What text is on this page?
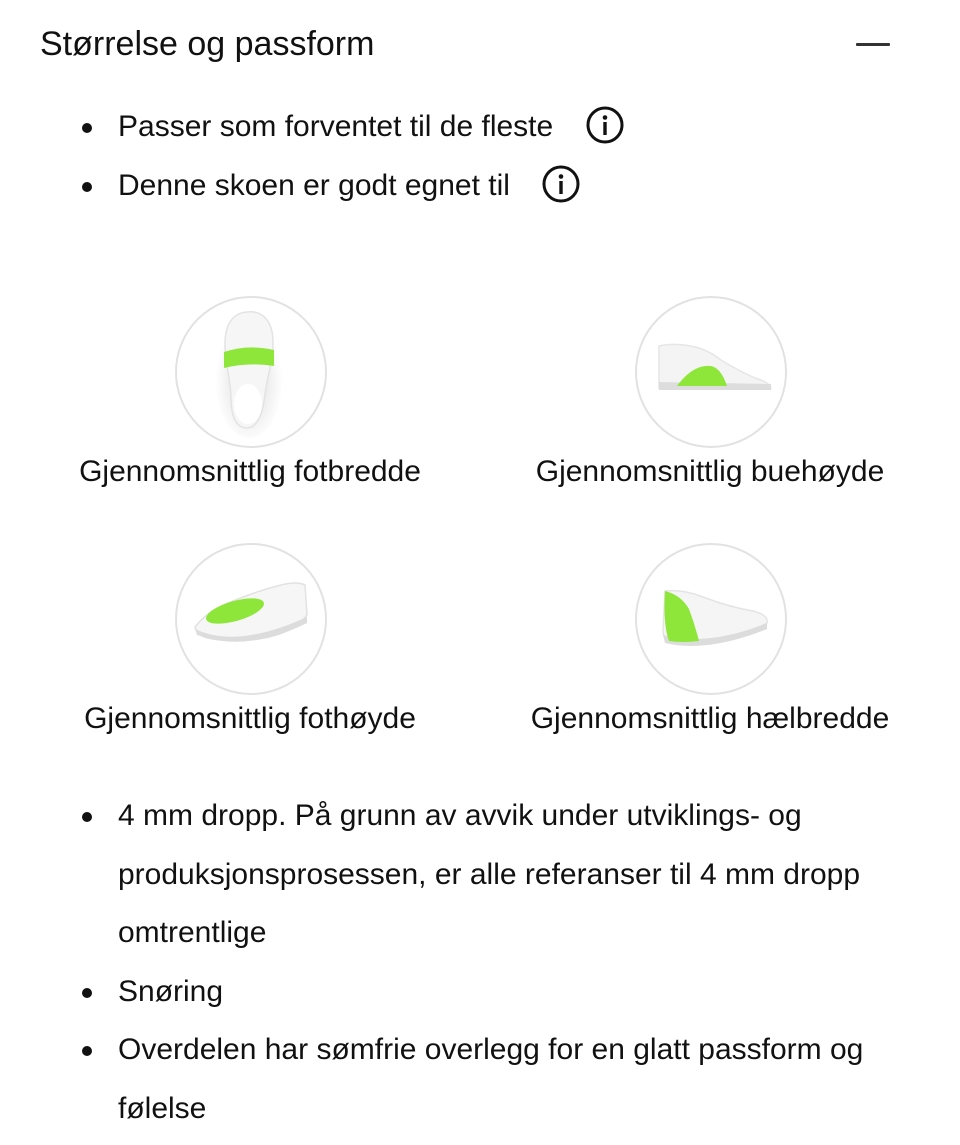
Størrelse og passform
Passer som forventet til de fleste
Denne skoen er godt egnet til
Gjennomsnittlig fotbredde	Gjennomsnittlig buehøyde
Gjennomsnittlig fothøyde	Gjennomsnittlig hælbredde
4 mm dropp. På grunn av avvik under utviklings- og produksjonsprosessen, er alle referanser til 4 mm dropp omtrentlige
Snøring
Overdelen har sømfrie overlegg for en glatt passform og følelse
